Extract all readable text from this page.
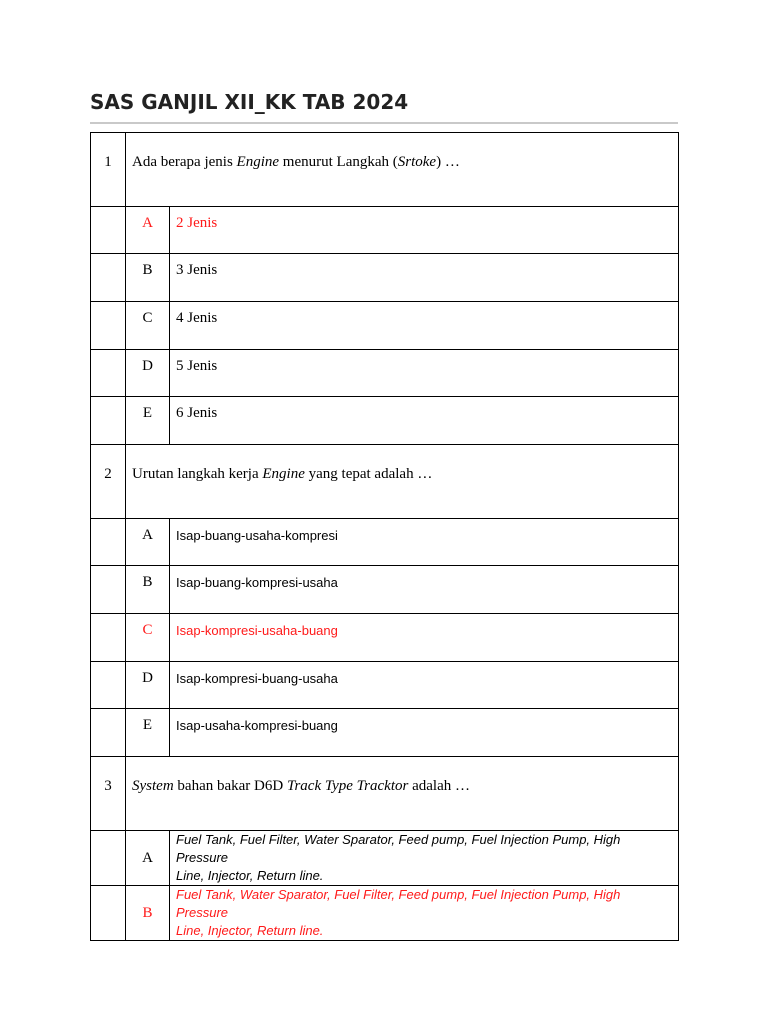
SAS GANJIL XII_KK TAB 2024
1	Ada berapa jenis Engine menurut Langkah (Srtoke) …	
	A	2 Jenis
	B	3 Jenis
	C	4 Jenis
	D	5 Jenis
	E	6 Jenis
2	Urutan langkah kerja Engine yang tepat adalah …	
	A	Isap-buang-usaha-kompresi
	B	Isap-buang-kompresi-usaha
	C	Isap-kompresi-usaha-buang
	D	Isap-kompresi-buang-usaha
	E	Isap-usaha-kompresi-buang
3	System bahan bakar D6D Track Type Tracktor adalah …	
	A	Fuel Tank, Fuel Filter, Water Sparator, Feed pump, Fuel Injection Pump, High Pressure
Line, Injector, Return line.

	B	Fuel Tank, Water Sparator, Fuel Filter, Feed pump, Fuel Injection Pump, High Pressure
Line, Injector, Return line.
